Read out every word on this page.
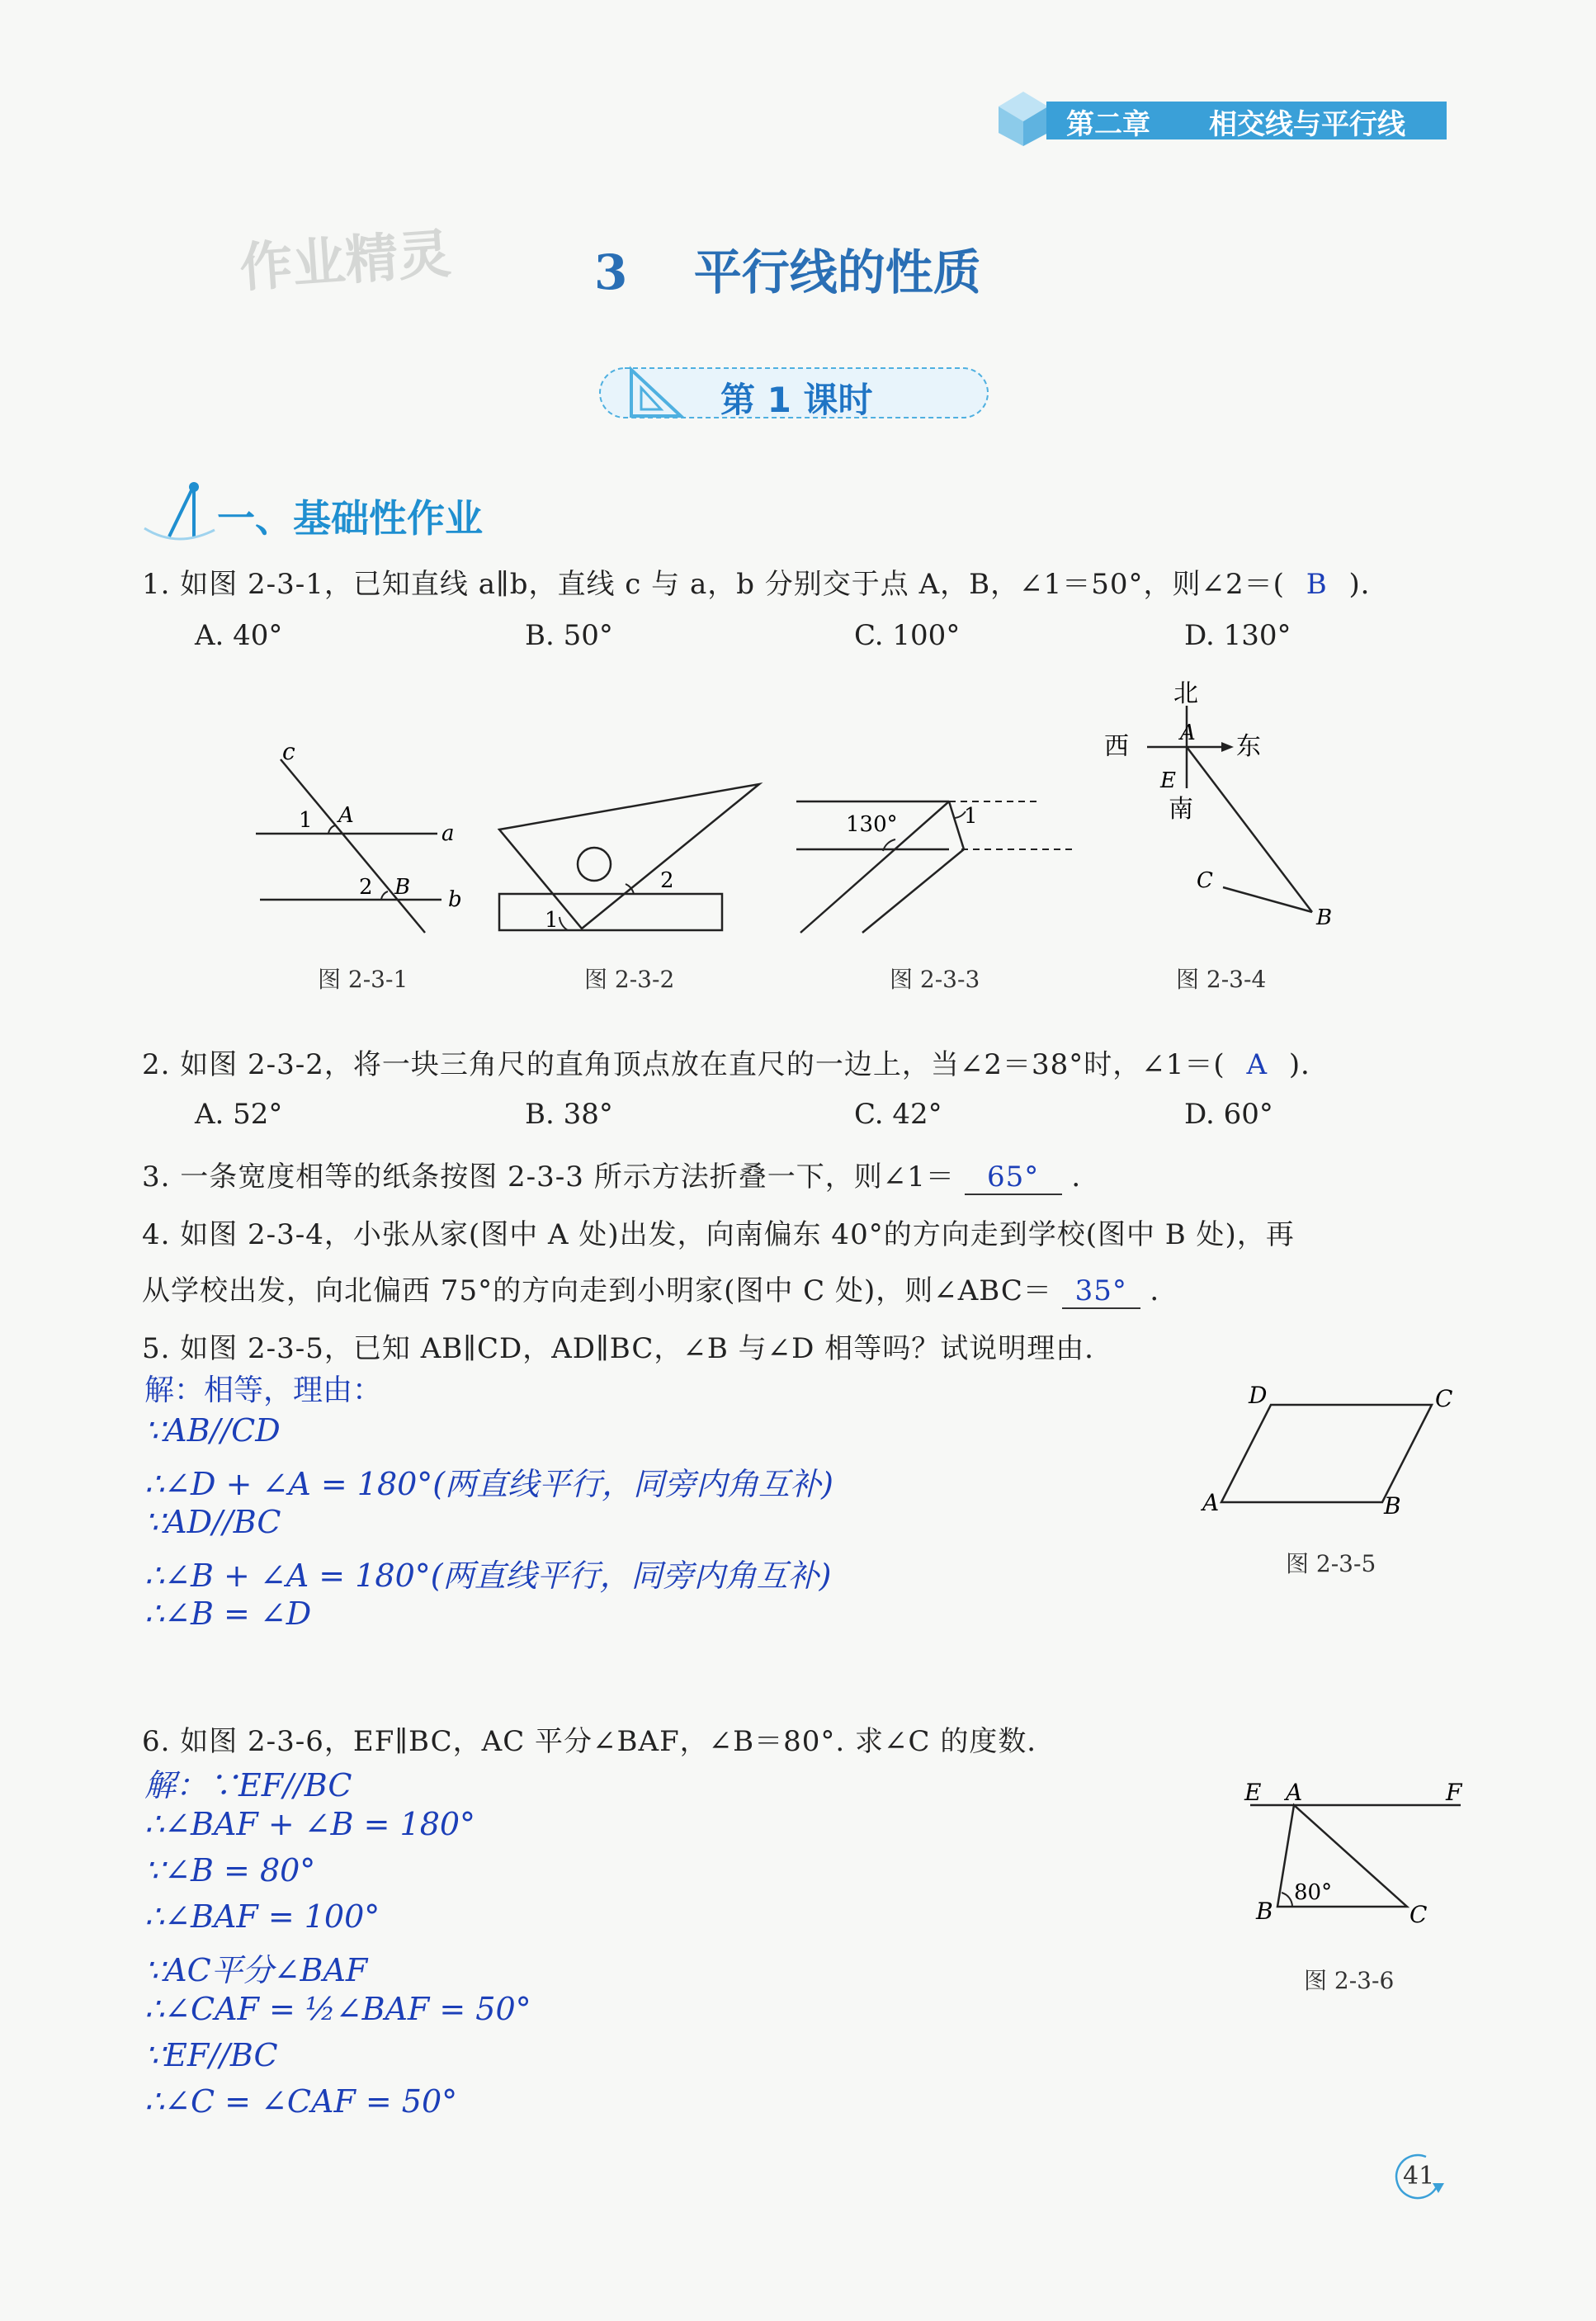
第二章 相交线与平行线
作业精灵	3 平行线的性质
第 1 课时
一、基础性作业
1. 如图 2-3-1，已知直线 a∥b，直线 c 与 a，b 分别交于点 A，B，∠1＝50°，则∠2＝( B )．
A. 40°	B. 50°	C. 100°	D. 130°
c
1 A
a
2 B b
图 2-3-1
2
1
图 2-3-2
130°	1
图 2-3-3
北
西 A 东
E
南
C
B
图 2-3-4
2. 如图 2-3-2，将一块三角尺的直角顶点放在直尺的一边上，当∠2＝38°时，∠1＝( A )．
A. 52°	B. 38°	C. 42°	D. 60°
3. 一条宽度相等的纸条按图 2-3-3 所示方法折叠一下，则∠1＝ 65° ．
4. 如图 2-3-4，小张从家(图中 A 处)出发，向南偏东 40°的方向走到学校(图中 B 处)，再
从学校出发，向北偏西 75°的方向走到小明家(图中 C 处)，则∠ABC＝ 35° ．
5. 如图 2-3-5，已知 AB∥CD，AD∥BC，∠B 与∠D 相等吗？试说明理由．
解：相等，理由：
∵AB//CD
∴∠D + ∠A = 180°(两直线平行，同旁内角互补)
∵AD//BC
∴∠B + ∠A = 180°(两直线平行，同旁内角互补)
∴∠B = ∠D
D	C
A	B
图 2-3-5
6. 如图 2-3-6，EF∥BC，AC 平分∠BAF，∠B＝80°. 求∠C 的度数．
解：∵EF//BC
∴∠BAF + ∠B = 180°
∵∠B = 80°
∴∠BAF = 100°
∵AC平分∠BAF
∴∠CAF = ½∠BAF = 50°
∵EF//BC
∴∠C = ∠CAF = 50°
E A	F
B
80°
C
图 2-3-6
41
